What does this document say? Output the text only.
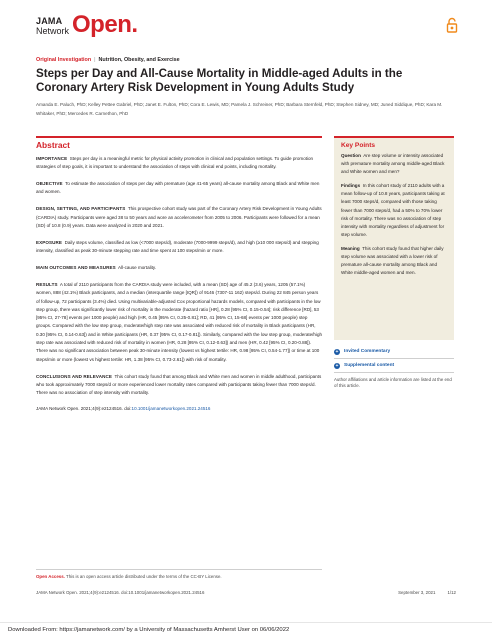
JAMA
Network Open.
Original Investigation | Nutrition, Obesity, and Exercise
Steps per Day and All-Cause Mortality in Middle-aged Adults in the Coronary Artery Risk Development in Young Adults Study
Amanda E. Paluch, PhD; Kelley Pettee Gabriel, PhD; Janet E. Fulton, PhD; Cora E. Lewis, MD; Pamela J. Schreiner, PhD; Barbara Sternfeld, PhD; Stephen Sidney, MD; Juned Siddique, PhD; Kara M. Whitaker, PhD; Mercedes R. Carnethon, PhD
Abstract

IMPORTANCE Steps per day is a meaningful metric for physical activity promotion in clinical and population settings. To guide promotion strategies of step goals, it is important to understand the association of steps with clinical end points, including mortality.

OBJECTIVE To estimate the association of steps per day with premature (age 41-65 years) all-cause mortality among Black and White men and women.

DESIGN, SETTING, AND PARTICIPANTS This prospective cohort study was part of the Coronary Artery Risk Development in Young Adults (CARDIA) study. Participants were aged 38 to 50 years and wore an accelerometer from 2005 to 2006. Participants were followed for a mean (SD) of 10.8 (0.9) years. Data were analyzed in 2020 and 2021.

EXPOSURE Daily steps volume, classified as low (<7000 steps/d), moderate (7000-9999 steps/d), and high (≥10 000 steps/d) and stepping intensity, classified as peak 30-minute stepping rate and time spent at 100 steps/min or more.

MAIN OUTCOMES AND MEASURES All-cause mortality.

RESULTS A total of 2110 participants from the CARDIA study were included, with a mean (SD) age of 45.2 (3.6) years, 1205 (57.1%) women, 888 (42.1%) Black participants, and a median (interquartile range [IQR]) of 9146 (7307-11 162) steps/d. During 22 845 person years of follow-up, 72 participants (3.4%) died. Using multivariable-adjusted Cox proportional hazards models, compared with participants in the low step group, there was significantly lower risk of mortality in the moderate (hazard ratio [HR], 0.28 [95% CI, 0.15-0.54]; risk difference [RD], 53 [95% CI, 27-78] events per 1000 people) and high (HR, 0.45 [95% CI, 0.25-0.81]; RD, 41 [95% CI, 15-68] events per 1000 people) step groups. Compared with the low step group, moderate/high step rate was associated with reduced risk of mortality in Black participants (HR, 0.30 [95% CI, 0.14-0.63]) and in White participants (HR, 0.37 [95% CI, 0.17-0.81]). Similarly, compared with the low step group, moderate/high step rate was associated with reduced risk of mortality in women (HR, 0.28 [95% CI, 0.12-0.63]) and men (HR, 0.42 [95% CI, 0.20-0.88]). There was no significant association between peak 30-minute intensity (lowest vs highest tertile: HR, 0.98 [95% CI, 0.54-1.77]) or time at 100 steps/min or more (lowest vs highest tertile: HR, 1.38 [95% CI, 0.73-2.61]) with risk of mortality.

CONCLUSIONS AND RELEVANCE This cohort study found that among Black and White men and women in middle adulthood, participants who took approximately 7000 steps/d or more experienced lower mortality rates compared with participants taking fewer than 7000 steps/d. There was no association of step intensity with mortality.

JAMA Network Open. 2021;4(9):e2124516. doi:10.1001/jamanetworkopen.2021.24516

Open Access. This is an open access article distributed under the terms of the CC-BY License.
Key Points

Question Are step volume or intensity associated with premature mortality among middle-aged Black and White women and men?

Findings In this cohort study of 2110 adults with a mean follow-up of 10.8 years, participants taking at least 7000 steps/d, compared with those taking fewer than 7000 steps/d, had a 50% to 70% lower risk of mortality. There was no association of step intensity with mortality regardless of adjustment for step volume.

Meaning This cohort study found that higher daily step volume was associated with a lower risk of premature all-cause mortality among Black and White middle-aged women and men.

+	Invited Commentary
+	Supplemental content
Author affiliations and article information are listed at the end of this article.
JAMA Network Open. 2021;4(9):e2124516. doi:10.1001/jamanetworkopen.2021.24516	September 3, 2021	1/12
Downloaded From: https://jamanetwork.com/ by a University of Massachusetts Amherst User on 06/06/2022
